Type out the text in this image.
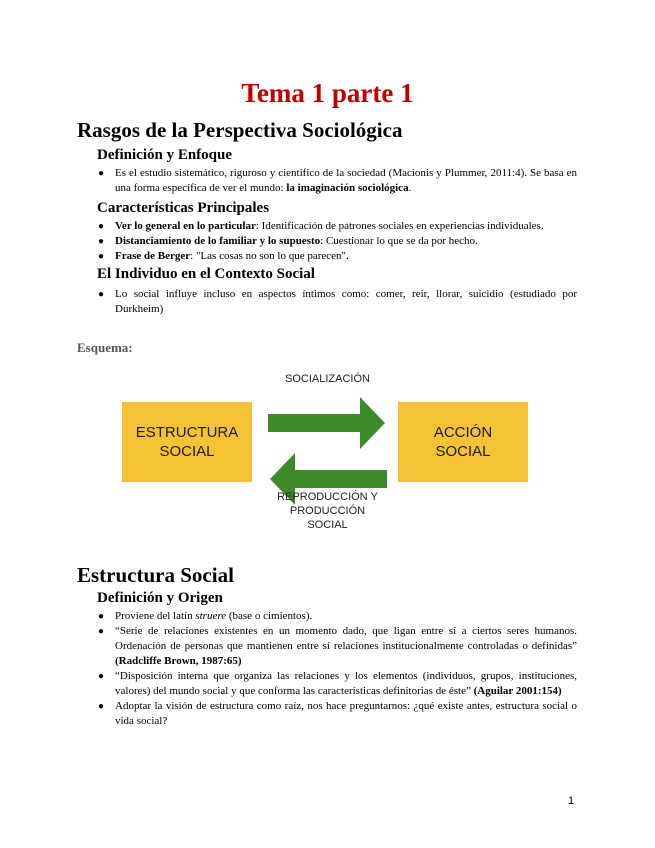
Tema 1 parte 1
Rasgos de la Perspectiva Sociológica
Definición y Enfoque
● Es el estudio sistemático, riguroso y científico de la sociedad (Macionis y Plummer, 2011:4). Se basa en una forma específica de ver el mundo: la imaginación sociológica.
Características Principales
● Ver lo general en lo particular: Identificación de patrones sociales en experiencias individuales.
● Distanciamiento de lo familiar y lo supuesto: Cuestionar lo que se da por hecho.
● Frase de Berger: "Las cosas no son lo que parecen".
El Individuo en el Contexto Social
● Lo social influye incluso en aspectos íntimos como: comer, reír, llorar, suicidio (estudiado por Durkheim)
Esquema:
SOCIALIZACIÓN
ESTRUCTURA
SOCIAL
ACCIÓN
SOCIAL
REPRODUCCIÓN Y
PRODUCCIÓN
SOCIAL
Estructura Social
Definición y Origen
● Proviene del latín struere (base o cimientos).
● “Serie de relaciones existentes en un momento dado, que ligan entre sí a ciertos seres humanos. Ordenación de personas que mantienen entre sí relaciones institucionalmente controladas o definidas” (Radcliffe Brown, 1987:65)
● “Disposición interna que organiza las relaciones y los elementos (individuos, grupos, instituciones, valores) del mundo social y que conforma las características definitorias de éste” (Aguilar 2001:154)
● Adoptar la visión de estructura como raíz, nos hace preguntarnos: ¿qué existe antes, estructura social o vida social?
1
